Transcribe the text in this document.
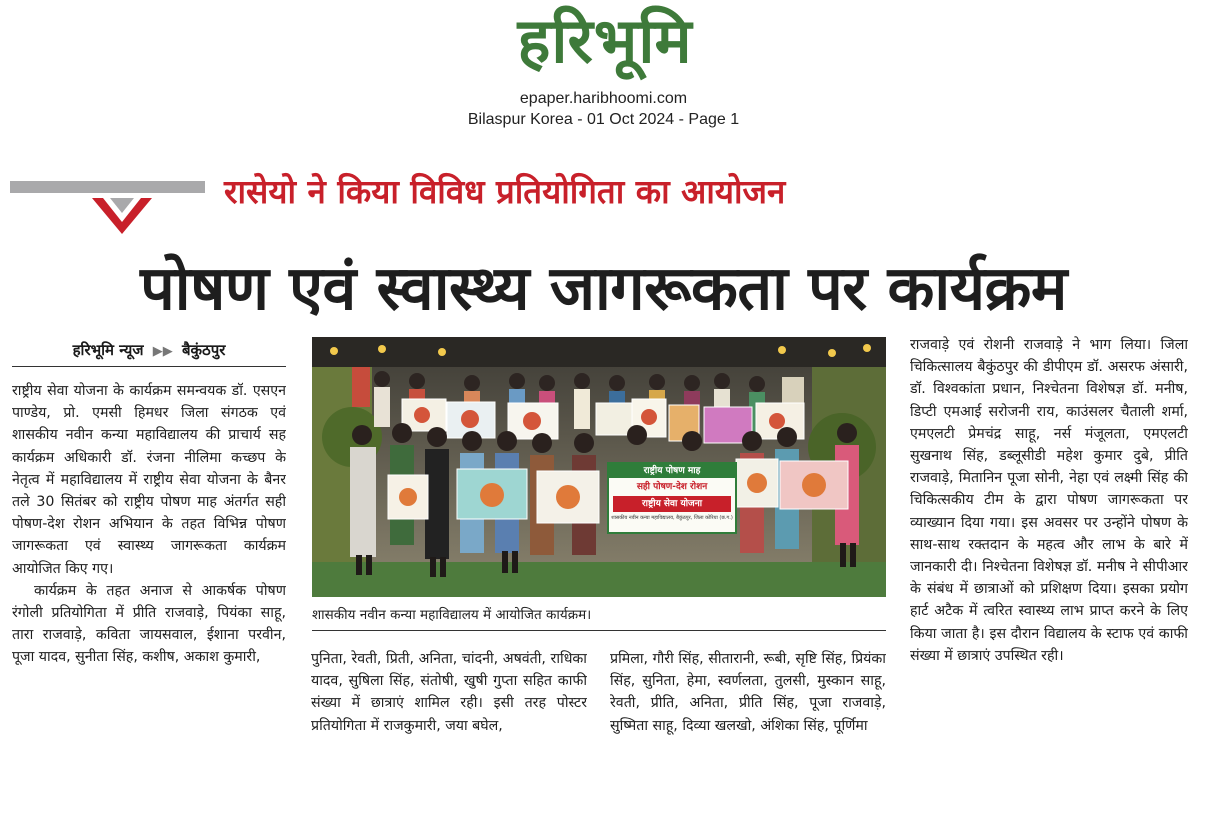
हरिभूमि
epaper.haribhoomi.com
Bilaspur Korea - 01 Oct 2024 - Page 1
रासेयो ने किया विविध प्रतियोगिता का आयोजन
पोषण एवं स्वास्थ्य जागरूकता पर कार्यक्रम
हरिभूमि न्यूज ▶▶ बैकुंठपुर

राष्ट्रीय सेवा योजना के कार्यक्रम समन्वयक डॉ. एसएन पाण्डेय, प्रो. एमसी हिमधर जिला संगठक एवं शासकीय नवीन कन्या महाविद्यालय की प्राचार्य सह कार्यक्रम अधिकारी डॉ. रंजना नीलिमा कच्छप के नेतृत्व में महाविद्यालय में राष्ट्रीय सेवा योजना के बैनर तले 30 सितंबर को राष्ट्रीय पोषण माह अंतर्गत सही पोषण-देश रोशन अभियान के तहत विभिन्न पोषण जागरूकता एवं स्वास्थ्य जागरूकता कार्यक्रम आयोजित किए गए।

कार्यक्रम के तहत अनाज से आकर्षक पोषण रंगोली प्रतियोगिता में प्रीति राजवाड़े, पियंका साहू, तारा राजवाड़े, कविता जायसवाल, ईशाना परवीन, पूजा यादव, सुनीता सिंह, कशीष, अकाश कुमारी,

राष्ट्रीय पोषण माह
सही पोषण-देश रोशन
राष्ट्रीय सेवा योजना
शासकीय नवीन कन्या महाविद्यालय, बैकुंठपुर, जिला कोरिया (छ.ग.)
शासकीय नवीन कन्या महाविद्यालय में आयोजित कार्यक्रम।

पुनिता, रेवती, प्रिती, अनिता, चांदनी, अषवंती, राधिका यादव, सुषिला सिंह, संतोषी, खुषी गुप्ता सहित काफी संख्या में छात्राएं शामिल रही। इसी तरह पोस्टर प्रतियोगिता में राजकुमारी, जया बघेल,

प्रमिला, गौरी सिंह, सीतारानी, रूबी, सृष्टि सिंह, प्रियंका सिंह, सुनिता, हेमा, स्वर्णलता, तुलसी, मुस्कान साहू, रेवती, प्रीति, अनिता, प्रीति सिंह, पूजा राजवाड़े, सुष्मिता साहू, दिव्या खलखो, अंशिका सिंह, पूर्णिमा

राजवाड़े एवं रोशनी राजवाड़े ने भाग लिया। जिला चिकित्सालय बैकुंठपुर की डीपीएम डॉ. असरफ अंसारी, डॉ. विश्वकांता प्रधान, निश्चेतना विशेषज्ञ डॉ. मनीष, डिप्टी एमआई सरोजनी राय, काउंसलर चैताली शर्मा, एमएलटी प्रेमचंद्र साहू, नर्स मंजूलता, एमएलटी सुखनाथ सिंह, डब्लूसीडी महेश कुमार दुबे, प्रीति राजवाड़े, मितानिन पूजा सोनी, नेहा एवं लक्ष्मी सिंह की चिकित्सकीय टीम के द्वारा पोषण जागरूकता पर व्याख्यान दिया गया। इस अवसर पर उन्होंने पोषण के साथ-साथ रक्तदान के महत्व और लाभ के बारे में जानकारी दी। निश्चेतना विशेषज्ञ डॉ. मनीष ने सीपीआर के संबंध में छात्राओं को प्रशिक्षण दिया। इसका प्रयोग हार्ट अटैक में त्वरित स्वास्थ्य लाभ प्राप्त करने के लिए किया जाता है। इस दौरान विद्यालय के स्टाफ एवं काफी संख्या में छात्राएं उपस्थित रही।
